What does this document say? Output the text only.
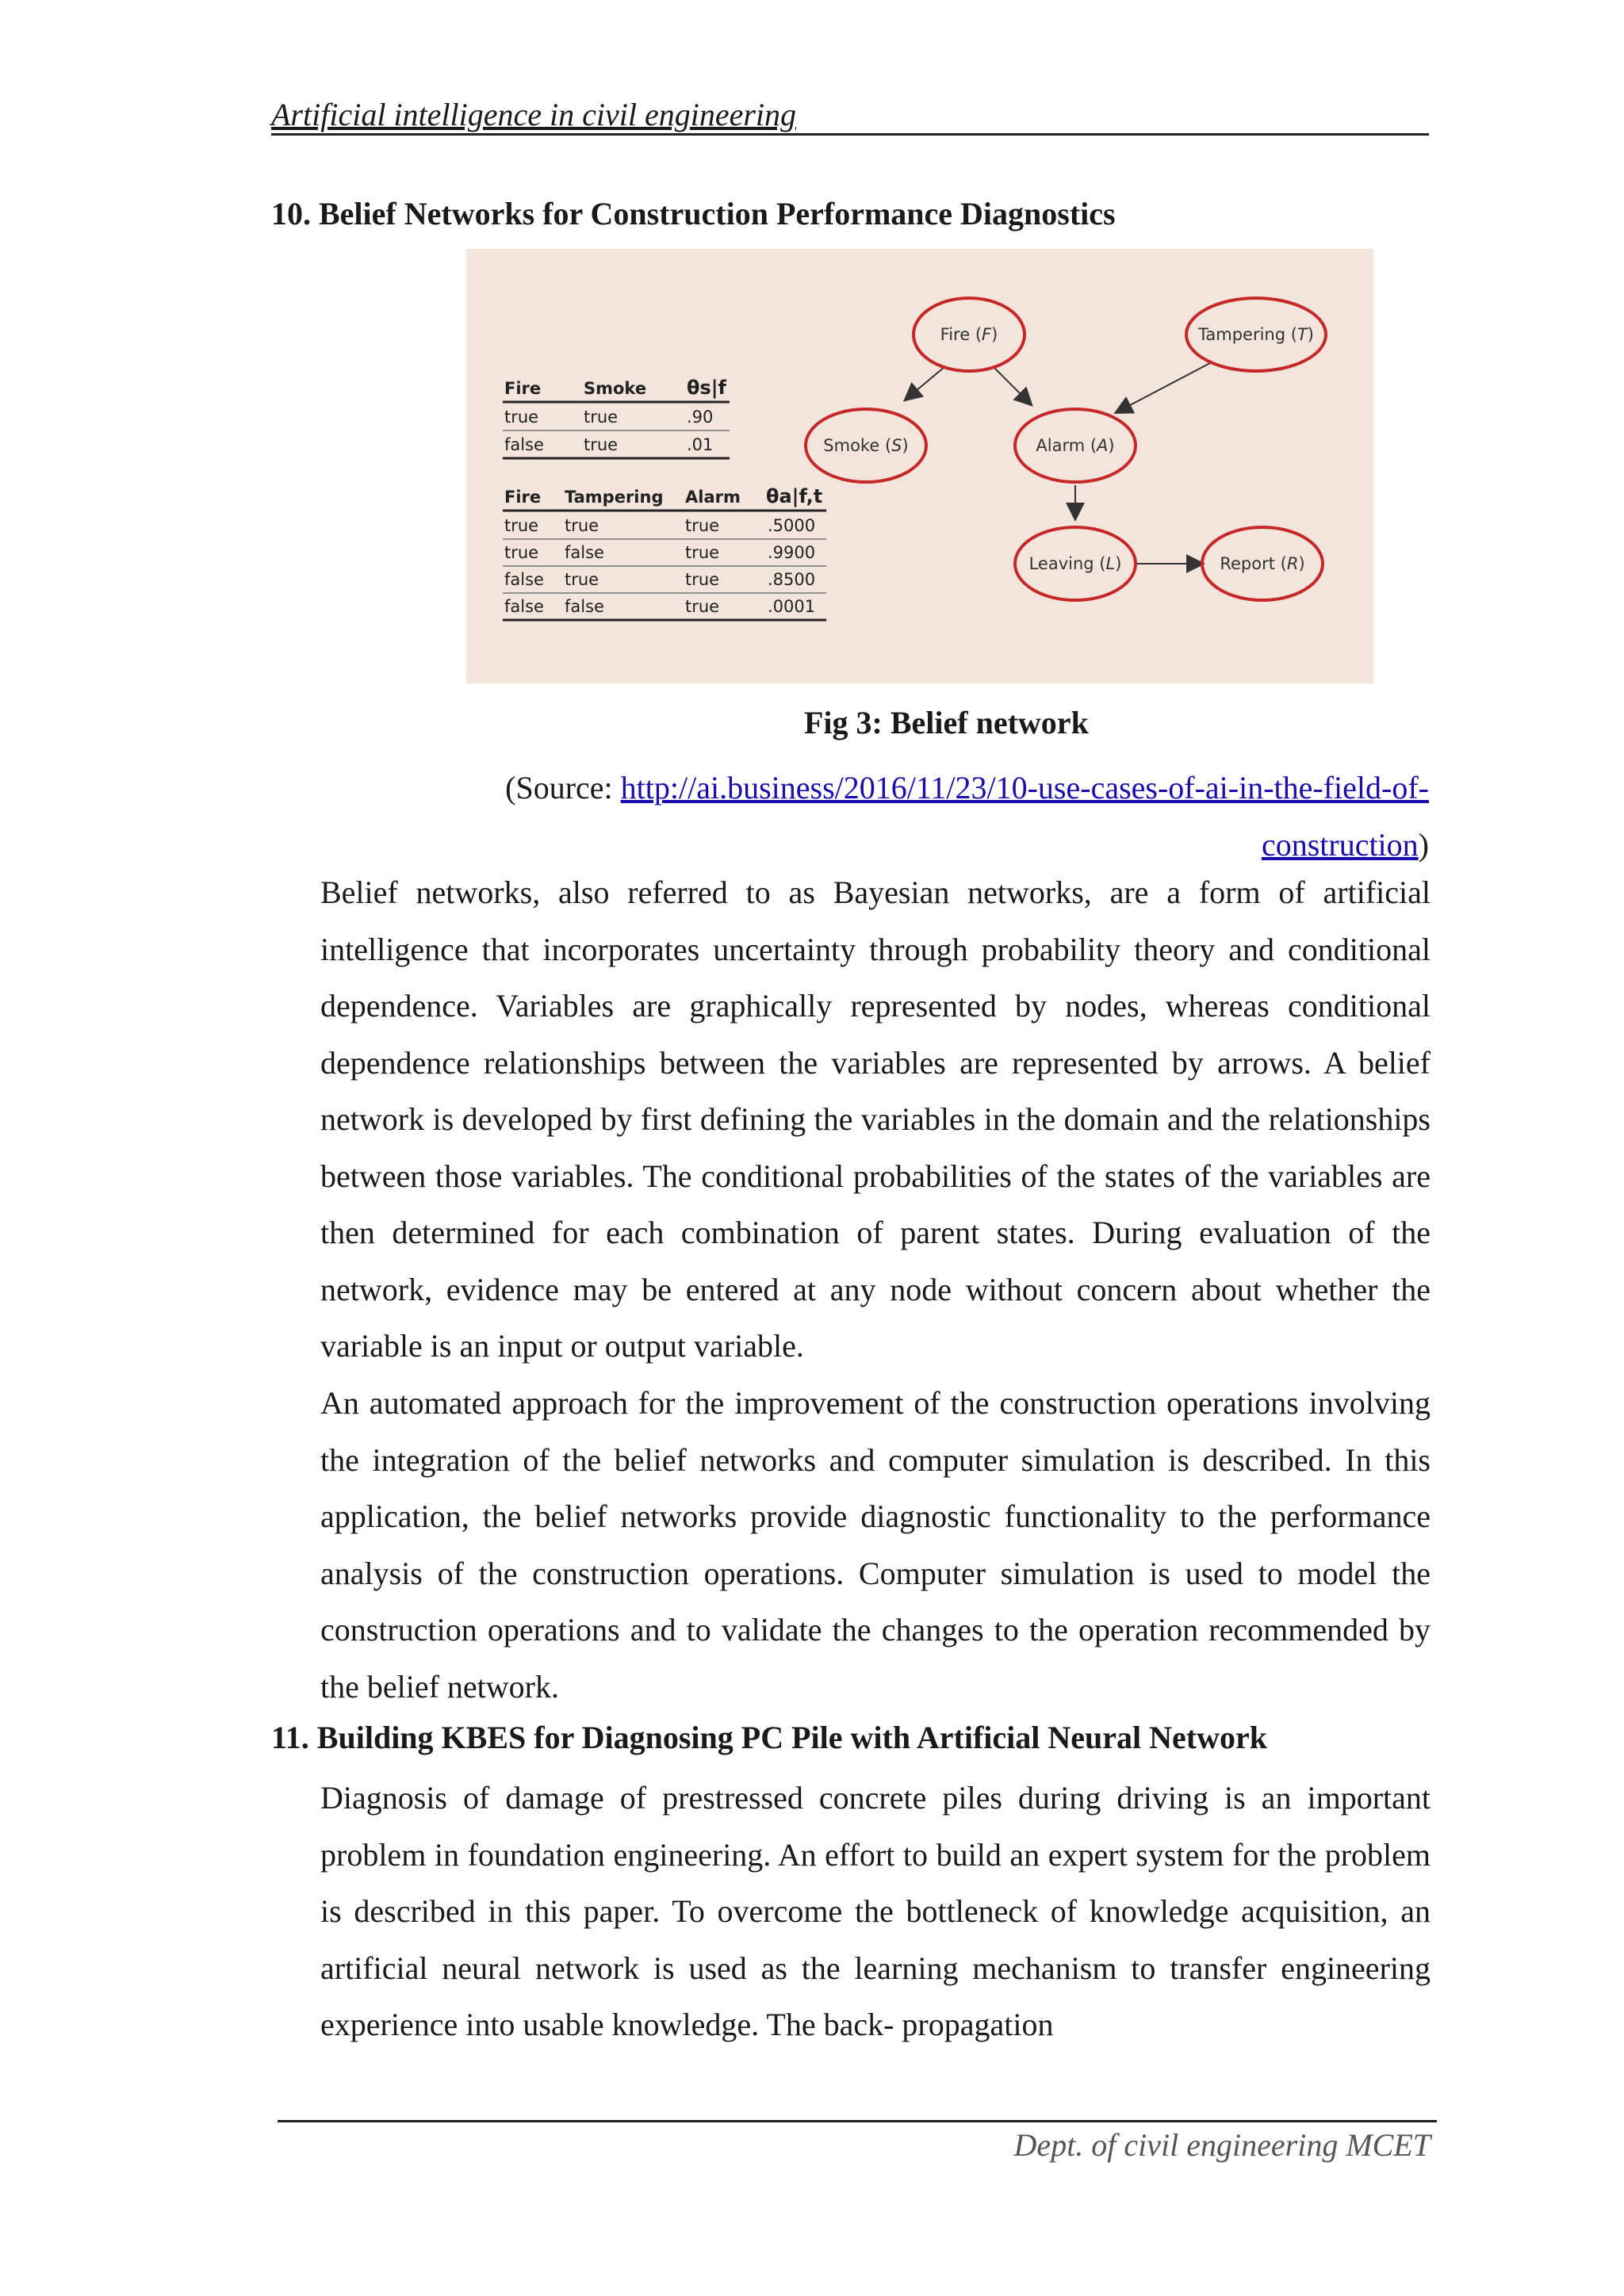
Artificial intelligence in civil engineering
10. Belief Networks for Construction Performance Diagnostics
Fire	Smoke θs|f
true	true	.90
false true	.01
Fire Tampering Alarm θa|f,t
true true	true	.5000
true false	true	.9900
false true	true	.8500
false false	true	.0001
Fire (F)	Tampering (T)
Smoke (S)	Alarm (A)
Leaving (L)	Report (R)
Fig 3: Belief network
(Source: http://ai.business/2016/11/23/10-use-cases-of-ai-in-the-field-of-construction)

Belief networks, also referred to as Bayesian networks, are a form of artificial intelligence that incorporates uncertainty through probability theory and conditional dependence. Variables are graphically represented by nodes, whereas conditional dependence relationships between the variables are represented by arrows. A belief network is developed by first defining the variables in the domain and the relationships between those variables. The conditional probabilities of the states of the variables are then determined for each combination of parent states. During evaluation of the network, evidence may be entered at any node without concern about whether the variable is an input or output variable.

An automated approach for the improvement of the construction operations involving the integration of the belief networks and computer simulation is described. In this application, the belief networks provide diagnostic functionality to the performance analysis of the construction operations. Computer simulation is used to model the construction operations and to validate the changes to the operation recommended by the belief network.

11. Building KBES for Diagnosing PC Pile with Artificial Neural Network

Diagnosis of damage of prestressed concrete piles during driving is an important problem in foundation engineering. An effort to build an expert system for the problem is described in this paper. To overcome the bottleneck of knowledge acquisition, an artificial neural network is used as the learning mechanism to transfer engineering experience into usable knowledge. The back- propagation

Dept. of civil engineering MCET
